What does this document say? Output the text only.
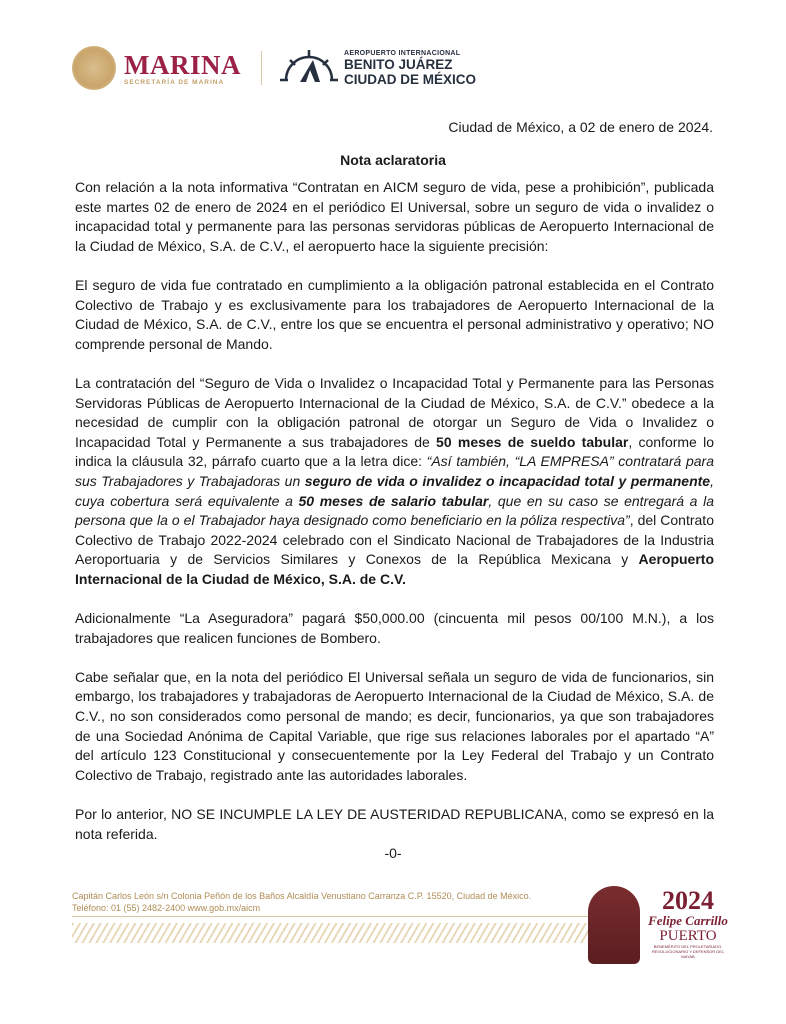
MARINA
SECRETARÍA DE MARINA
AEROPUERTO INTERNACIONAL
BENITO JUÁREZ
CIUDAD DE MÉXICO
Ciudad de México, a 02 de enero de 2024.
Nota aclaratoria

Con relación a la nota informativa “Contratan en AICM seguro de vida, pese a prohibición”, publicada este martes 02 de enero de 2024 en el periódico El Universal, sobre un seguro de vida o invalidez o incapacidad total y permanente para las personas servidoras públicas de Aeropuerto Internacional de la Ciudad de México, S.A. de C.V., el aeropuerto hace la siguiente precisión:

El seguro de vida fue contratado en cumplimiento a la obligación patronal establecida en el Contrato Colectivo de Trabajo y es exclusivamente para los trabajadores de Aeropuerto Internacional de la Ciudad de México, S.A. de C.V., entre los que se encuentra el personal administrativo y operativo; NO comprende personal de Mando.

La contratación del “Seguro de Vida o Invalidez o Incapacidad Total y Permanente para las Personas Servidoras Públicas de Aeropuerto Internacional de la Ciudad de México, S.A. de C.V.” obedece a la necesidad de cumplir con la obligación patronal de otorgar un Seguro de Vida o Invalidez o Incapacidad Total y Permanente a sus trabajadores de 50 meses de sueldo tabular, conforme lo indica la cláusula 32, párrafo cuarto que a la letra dice: “Así también, “LA EMPRESA” contratará para sus Trabajadores y Trabajadoras un seguro de vida o invalidez o incapacidad total y permanente, cuya cobertura será equivalente a 50 meses de salario tabular, que en su caso se entregará a la persona que la o el Trabajador haya designado como beneficiario en la póliza respectiva”, del Contrato Colectivo de Trabajo 2022-2024 celebrado con el Sindicato Nacional de Trabajadores de la Industria Aeroportuaria y de Servicios Similares y Conexos de la República Mexicana y Aeropuerto Internacional de la Ciudad de México, S.A. de C.V.

Adicionalmente “La Aseguradora” pagará $50,000.00 (cincuenta mil pesos 00/100 M.N.), a los trabajadores que realicen funciones de Bombero.

Cabe señalar que, en la nota del periódico El Universal señala un seguro de vida de funcionarios, sin embargo, los trabajadores y trabajadoras de Aeropuerto Internacional de la Ciudad de México, S.A. de C.V., no son considerados como personal de mando; es decir, funcionarios, ya que son trabajadores de una Sociedad Anónima de Capital Variable, que rige sus relaciones laborales por el apartado “A” del artículo 123 Constitucional y consecuentemente por la Ley Federal del Trabajo y un Contrato Colectivo de Trabajo, registrado ante las autoridades laborales.

Por lo anterior, NO SE INCUMPLE LA LEY DE AUSTERIDAD REPUBLICANA, como se expresó en la nota referida.

-0-
Capitán Carlos León s/n Colonia Peñón de los Baños Alcaldía Venustiano Carranza C.P. 15520, Ciudad de México. Teléfono: 01 (55) 2482-2400 www.gob.mx/aicm	2024
Felipe Carrillo
PUERTO
BENEMÉRITO DEL PROLETARIADO, REVOLUCIONARIO Y DEFENSOR DEL MAYAB
